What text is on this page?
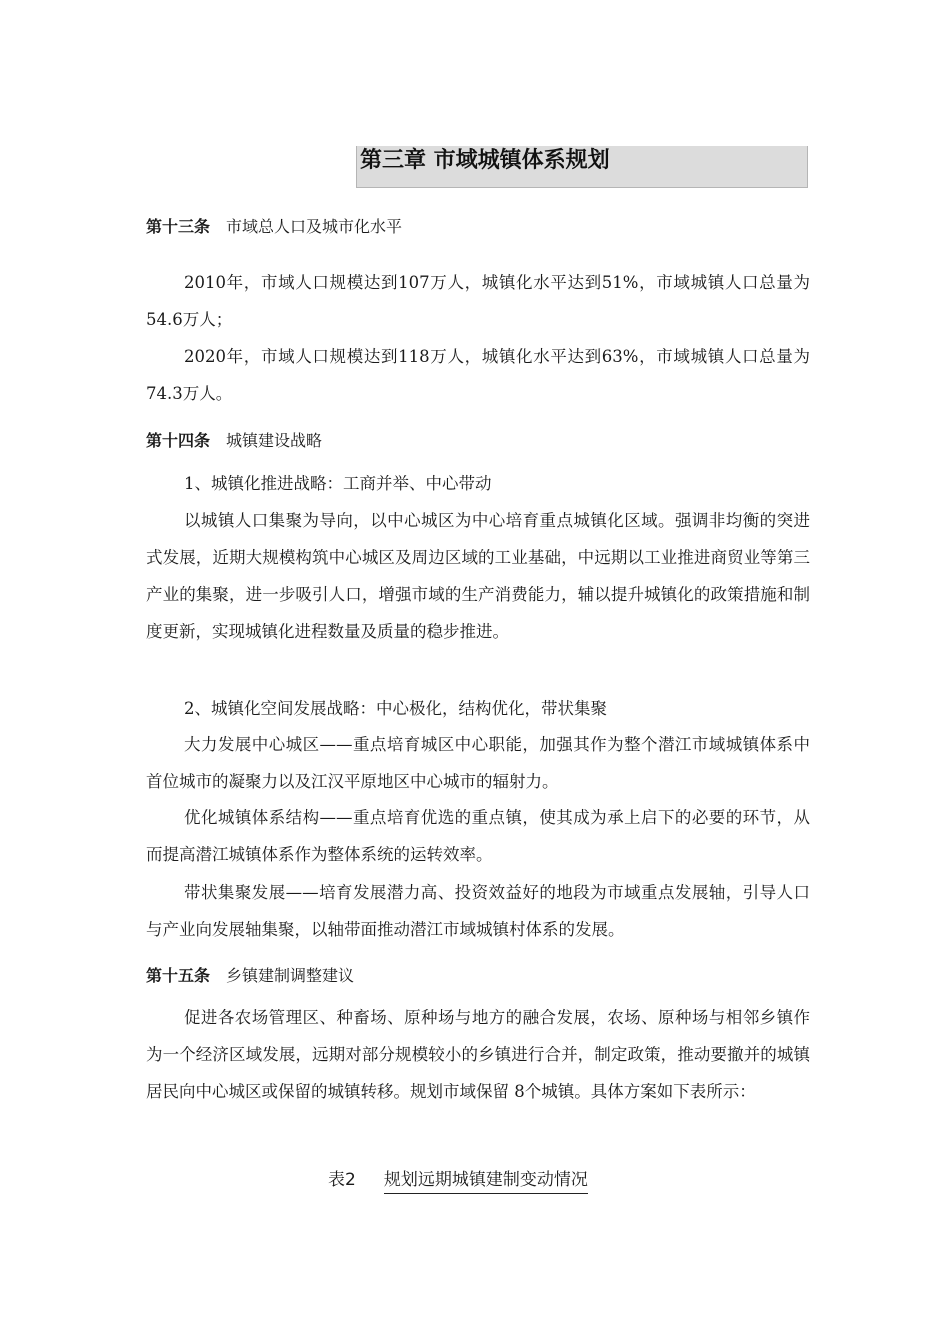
第三章 市域城镇体系规划
第十三条 市域总人口及城市化水平

2010年，市域人口规模达到107万人，城镇化水平达到51%，市域城镇人口总量为54.6万人；

2020年，市域人口规模达到118万人，城镇化水平达到63%，市域城镇人口总量为74.3万人。

第十四条 城镇建设战略

1、城镇化推进战略：工商并举、中心带动

以城镇人口集聚为导向，以中心城区为中心培育重点城镇化区域。强调非均衡的突进式发展，近期大规模构筑中心城区及周边区域的工业基础，中远期以工业推进商贸业等第三产业的集聚，进一步吸引人口，增强市域的生产消费能力，辅以提升城镇化的政策措施和制度更新，实现城镇化进程数量及质量的稳步推进。

2、城镇化空间发展战略：中心极化，结构优化，带状集聚

大力发展中心城区——重点培育城区中心职能，加强其作为整个潜江市域城镇体系中首位城市的凝聚力以及江汉平原地区中心城市的辐射力。

优化城镇体系结构——重点培育优选的重点镇，使其成为承上启下的必要的环节，从而提高潜江城镇体系作为整体系统的运转效率。

带状集聚发展——培育发展潜力高、投资效益好的地段为市域重点发展轴，引导人口与产业向发展轴集聚，以轴带面推动潜江市域城镇村体系的发展。

第十五条 乡镇建制调整建议

促进各农场管理区、种畜场、原种场与地方的融合发展，农场、原种场与相邻乡镇作为一个经济区域发展，远期对部分规模较小的乡镇进行合并，制定政策，推动要撤并的城镇居民向中心城区或保留的城镇转移。规划市域保留 8个城镇。具体方案如下表所示：

表2 规划远期城镇建制变动情况
